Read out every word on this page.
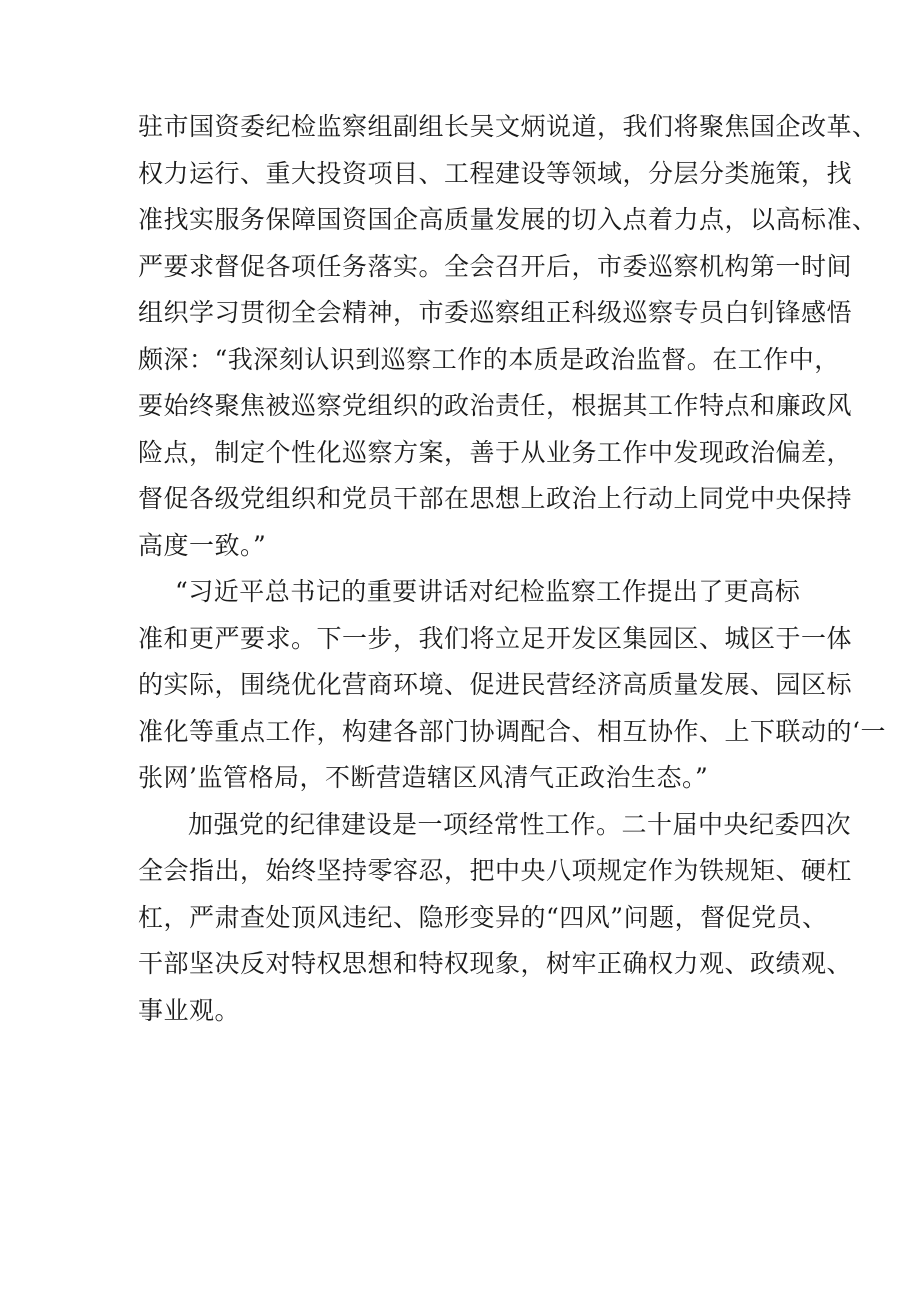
驻市国资委纪检监察组副组长吴文炳说道，我们将聚焦国企改革、
权力运行、重大投资项目、工程建设等领域，分层分类施策，找
准找实服务保障国资国企高质量发展的切入点着力点，以高标准、
严要求督促各项任务落实。全会召开后，市委巡察机构第一时间
组织学习贯彻全会精神，市委巡察组正科级巡察专员白钊锋感悟
颇深：“我深刻认识到巡察工作的本质是政治监督。在工作中，
要始终聚焦被巡察党组织的政治责任，根据其工作特点和廉政风
险点，制定个性化巡察方案，善于从业务工作中发现政治偏差，
督促各级党组织和党员干部在思想上政治上行动上同党中央保持
高度一致。”
“习近平总书记的重要讲话对纪检监察工作提出了更高标
准和更严要求。下一步，我们将立足开发区集园区、城区于一体
的实际，围绕优化营商环境、促进民营经济高质量发展、园区标
准化等重点工作，构建各部门协调配合、相互协作、上下联动的‘一
张网’监管格局，不断营造辖区风清气正政治生态。”
加强党的纪律建设是一项经常性工作。二十届中央纪委四次
全会指出，始终坚持零容忍，把中央八项规定作为铁规矩、硬杠
杠，严肃查处顶风违纪、隐形变异的“四风”问题，督促党员、
干部坚决反对特权思想和特权现象，树牢正确权力观、政绩观、
事业观。
